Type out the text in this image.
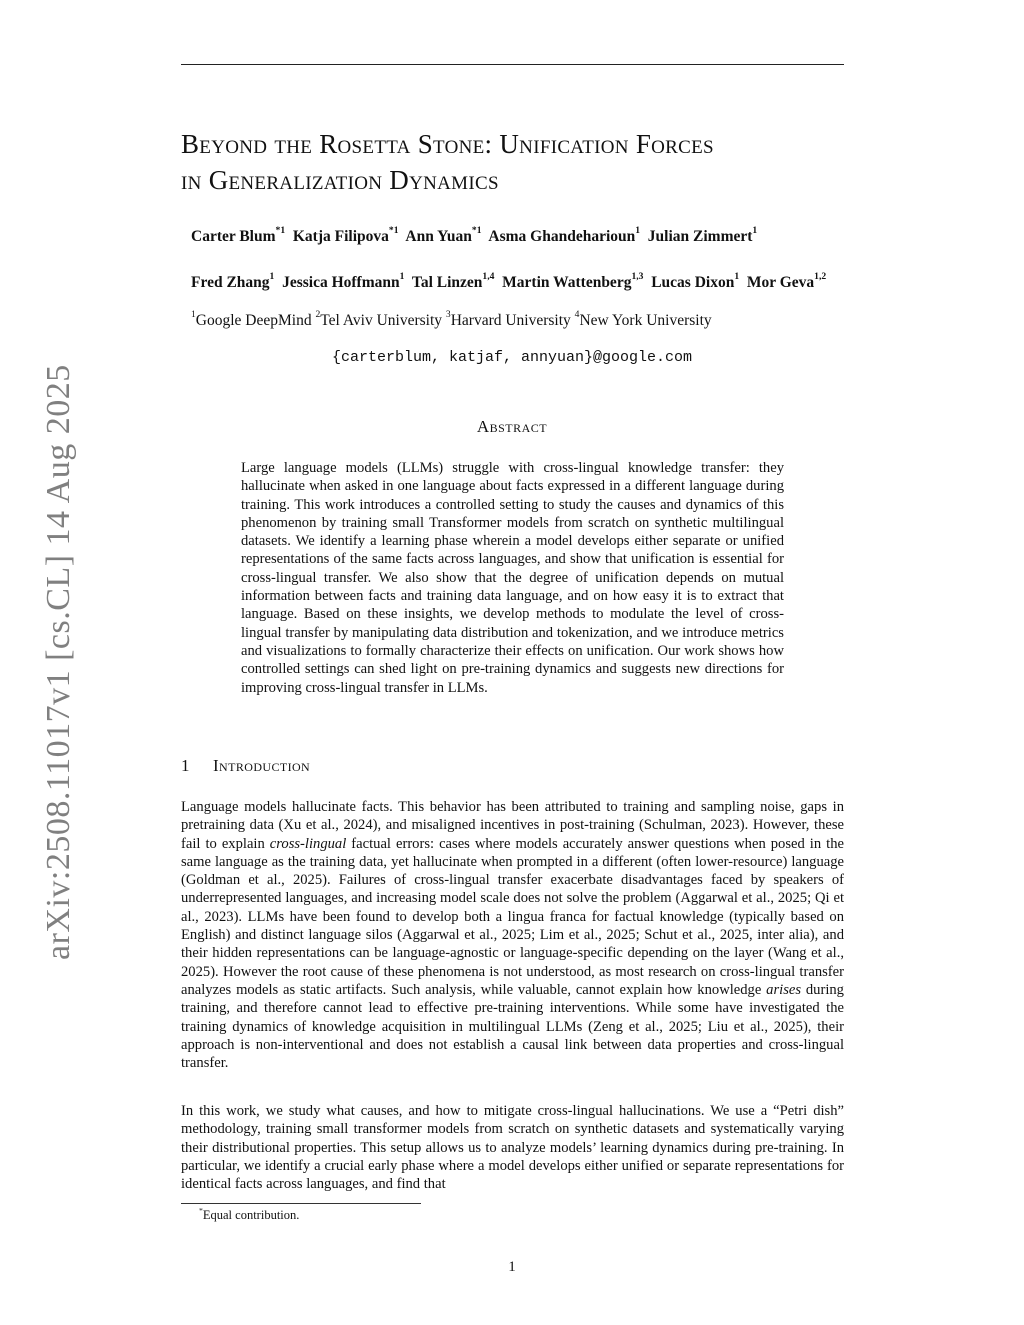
arXiv:2508.11017v1 [cs.CL] 14 Aug 2025
Beyond the Rosetta Stone: Unification Forces
in Generalization Dynamics
Carter Blum$^{*1}$ Katja Filipova$^{*1}$ Ann Yuan$^{*1}$ Asma Ghandeharioun$^1$ Julian Zimmert$^1$
Fred Zhang$^1$ Jessica Hoffmann$^1$ Tal Linzen$^{1,4}$ Martin Wattenberg$^{1,3}$ Lucas Dixon$^1$ Mor Geva$^{1,2}$
$^1$Google DeepMind $^2$Tel Aviv University $^3$Harvard University $^4$New York University
{carterblum, katjaf, annyuan}@google.com
Abstract
Large language models (LLMs) struggle with cross-lingual knowledge transfer: they hallucinate when asked in one language about facts expressed in a different language during training. This work introduces a controlled setting to study the causes and dynamics of this phenomenon by training small Transformer models from scratch on synthetic multilingual datasets. We identify a learning phase wherein a model develops either separate or unified representations of the same facts across languages, and show that unification is essential for cross-lingual transfer. We also show that the degree of unification depends on mutual information between facts and training data language, and on how easy it is to extract that language. Based on these insights, we develop methods to modulate the level of cross-lingual transfer by manipulating data distribution and tokenization, and we introduce metrics and visualizations to formally characterize their effects on unification. Our work shows how controlled settings can shed light on pre-training dynamics and suggests new directions for improving cross-lingual transfer in LLMs.
1 Introduction
Language models hallucinate facts. This behavior has been attributed to training and sampling noise, gaps in pretraining data (Xu et al., 2024), and misaligned incentives in post-training (Schulman, 2023). However, these fail to explain cross-lingual factual errors: cases where models accurately answer questions when posed in the same language as the training data, yet hallucinate when prompted in a different (often lower-resource) language (Goldman et al., 2025). Failures of cross-lingual transfer exacerbate disadvantages faced by speakers of underrepresented languages, and increasing model scale does not solve the problem (Aggarwal et al., 2025; Qi et al., 2023). LLMs have been found to develop both a lingua franca for factual knowledge (typically based on English) and distinct language silos (Aggarwal et al., 2025; Lim et al., 2025; Schut et al., 2025, inter alia), and their hidden representations can be language-agnostic or language-specific depending on the layer (Wang et al., 2025). However the root cause of these phenomena is not understood, as most research on cross-lingual transfer analyzes models as static artifacts. Such analysis, while valuable, cannot explain how knowledge arises during training, and therefore cannot lead to effective pre-training interventions. While some have investigated the training dynamics of knowledge acquisition in multilingual LLMs (Zeng et al., 2025; Liu et al., 2025), their approach is non-interventional and does not establish a causal link between data properties and cross-lingual transfer.
In this work, we study what causes, and how to mitigate cross-lingual hallucinations. We use a “Petri dish” methodology, training small transformer models from scratch on synthetic datasets and systematically varying their distributional properties. This setup allows us to analyze models’ learning dynamics during pre-training. In particular, we identify a crucial early phase where a model develops either unified or separate representations for identical facts across languages, and find that
*Equal contribution.
1
